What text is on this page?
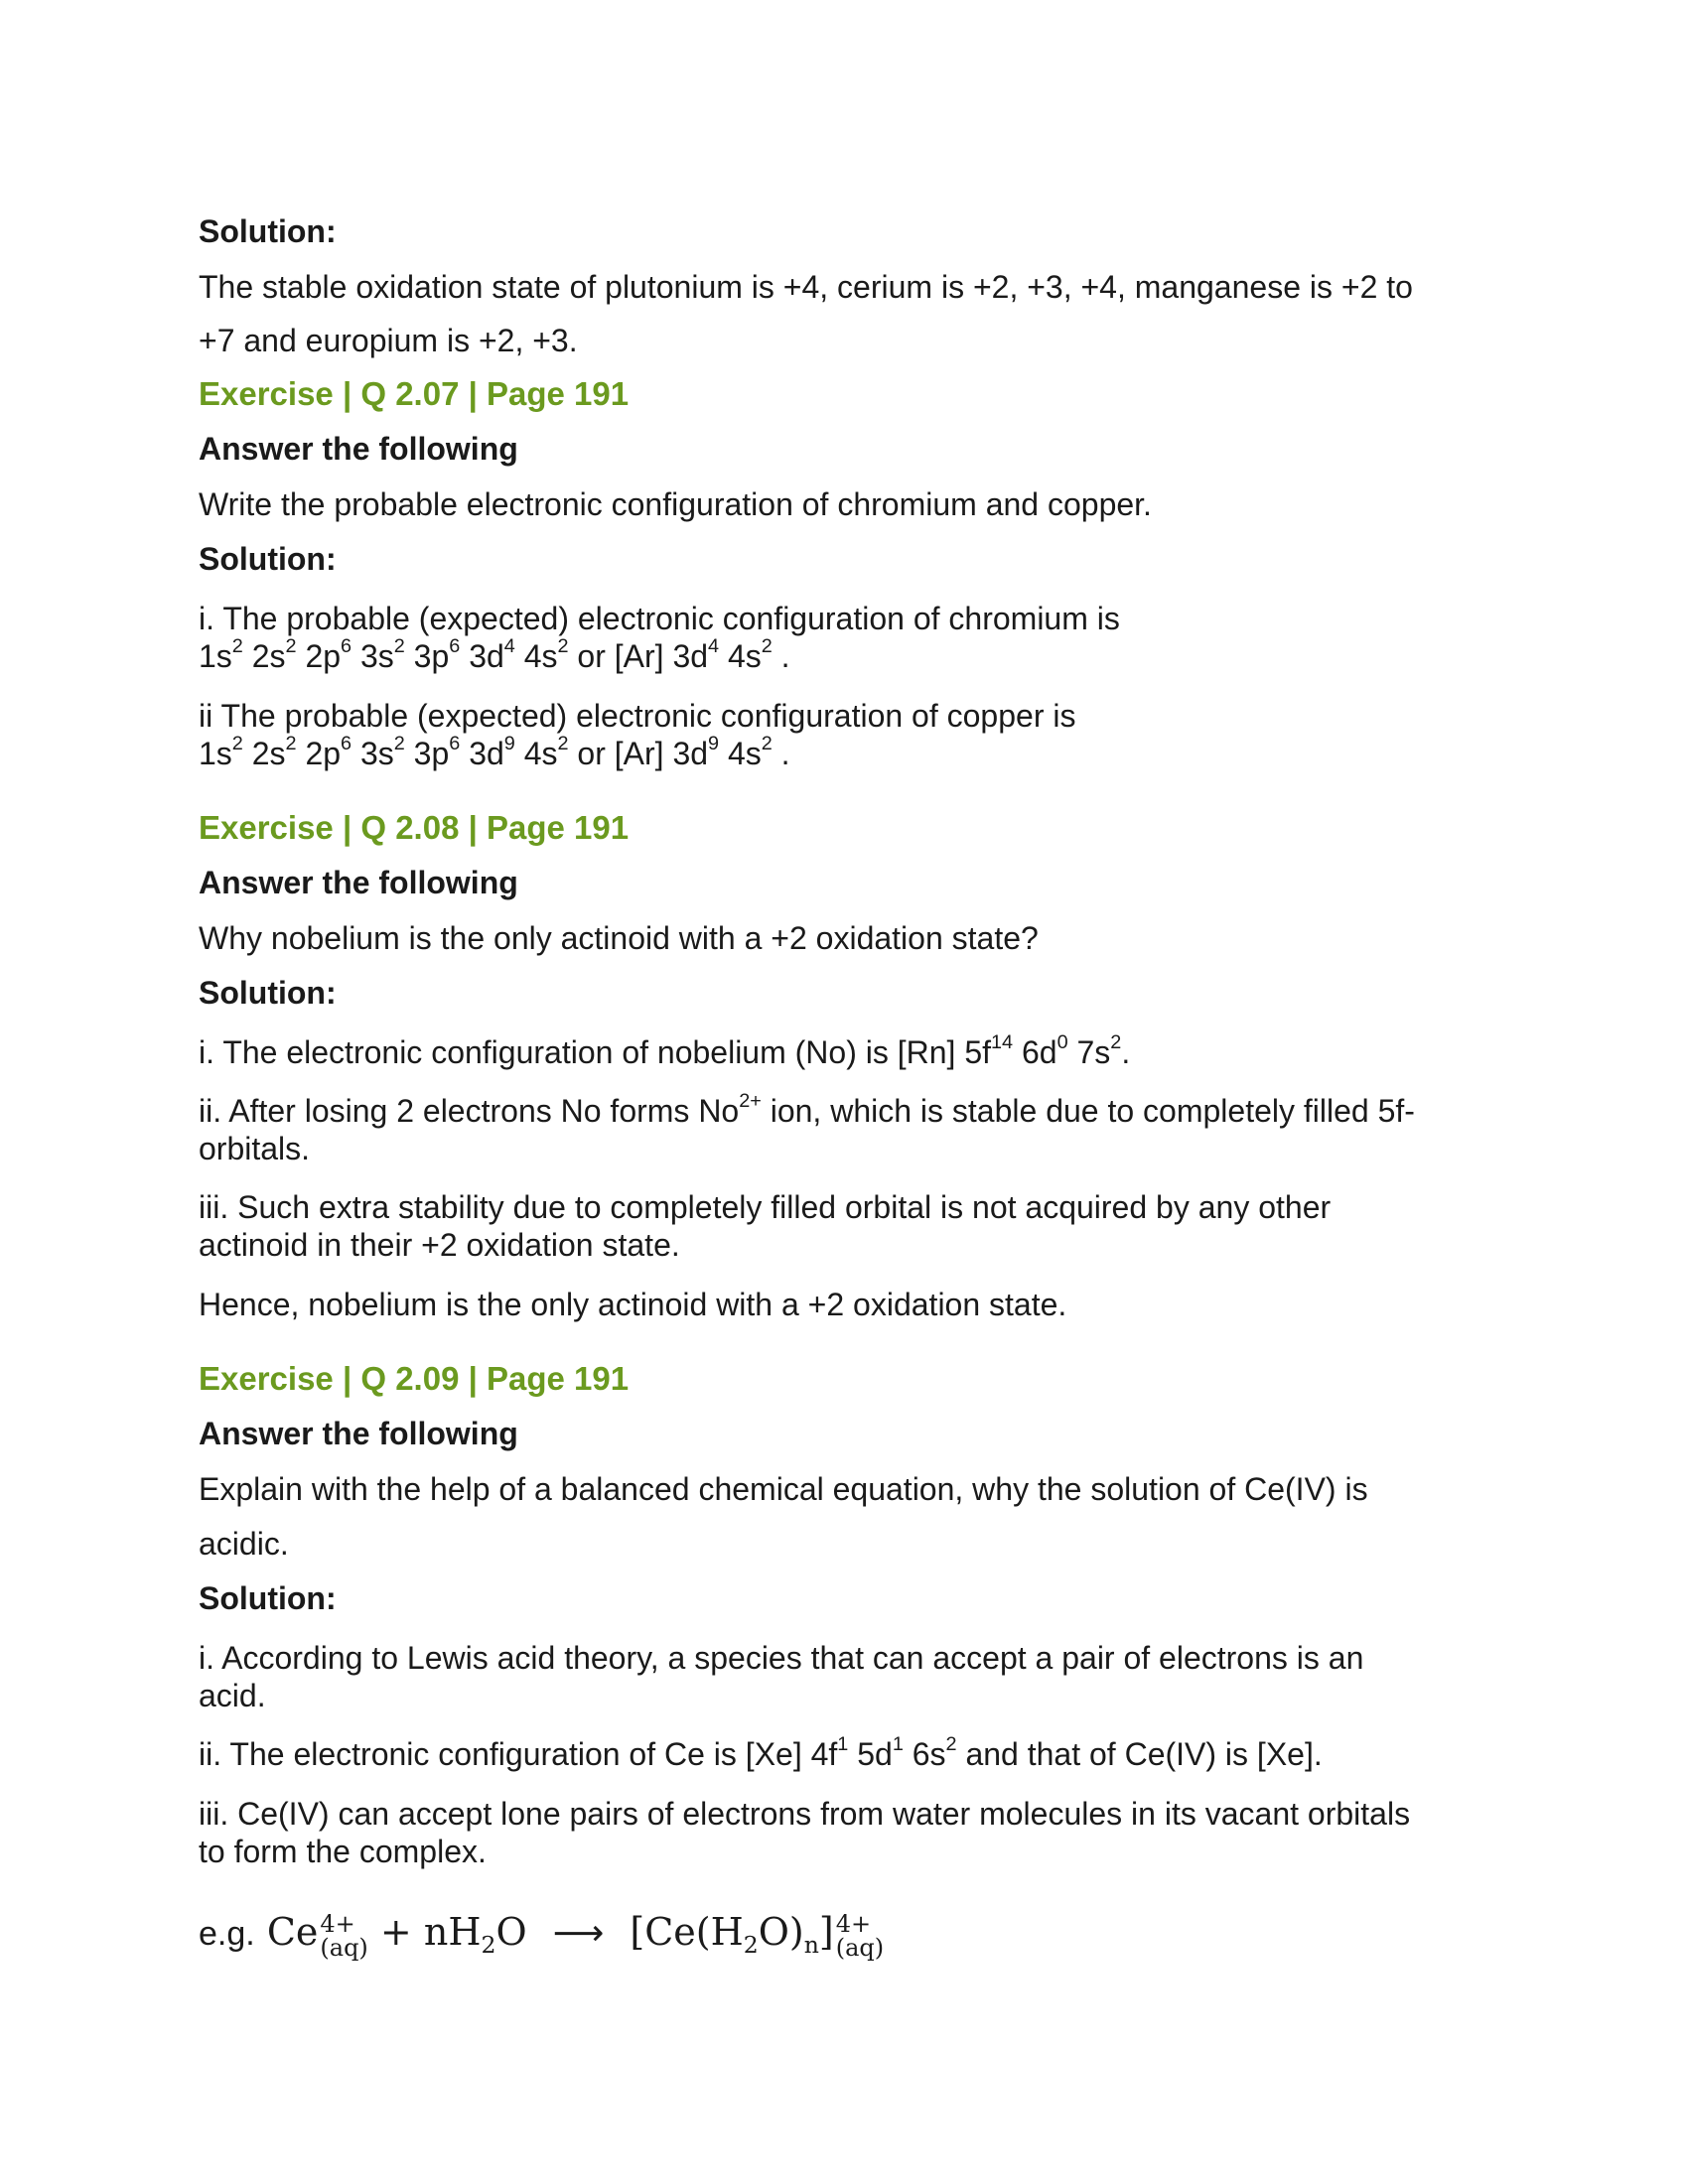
Solution:
The stable oxidation state of plutonium is +4, cerium is +2, +3, +4, manganese is +2 to
+7 and europium is +2, +3.
Exercise | Q 2.07 | Page 191
Answer the following
Write the probable electronic configuration of chromium and copper.
Solution:
i. The probable (expected) electronic configuration of chromium is
$1s^2$ $2s^2$ $2p^6$ $3s^2$ $3p^6$ $3d^4$ $4s^2$ or [Ar] $3d^4$ $4s^2$ .
ii The probable (expected) electronic configuration of copper is
$1s^2$ $2s^2$ $2p^6$ $3s^2$ $3p^6$ $3d^9$ $4s^2$ or [Ar] $3d^9$ $4s^2$ .
Exercise | Q 2.08 | Page 191
Answer the following
Why nobelium is the only actinoid with a +2 oxidation state?
Solution:
i. The electronic configuration of nobelium (No) is [Rn] $5f^{14}$ $6d^0$ $7s^2$.
ii. After losing 2 electrons No forms $No^{2+}$ ion, which is stable due to completely filled 5f-
orbitals.
iii. Such extra stability due to completely filled orbital is not acquired by any other
actinoid in their +2 oxidation state.
Hence, nobelium is the only actinoid with a +2 oxidation state.
Exercise | Q 2.09 | Page 191
Answer the following
Explain with the help of a balanced chemical equation, why the solution of Ce(IV) is
acidic.
Solution:
i. According to Lewis acid theory, a species that can accept a pair of electrons is an
acid.
ii. The electronic configuration of Ce is [Xe] $4f^1$ $5d^1$ $6s^2$ and that of Ce(IV) is [Xe].
iii. Ce(IV) can accept lone pairs of electrons from water molecules in its vacant orbitals
to form the complex.
e.g. Ce 4+
$(aq) + nH_2O$ ⟶ $[Ce(H_2O)_n]$ 4+
(aq)
